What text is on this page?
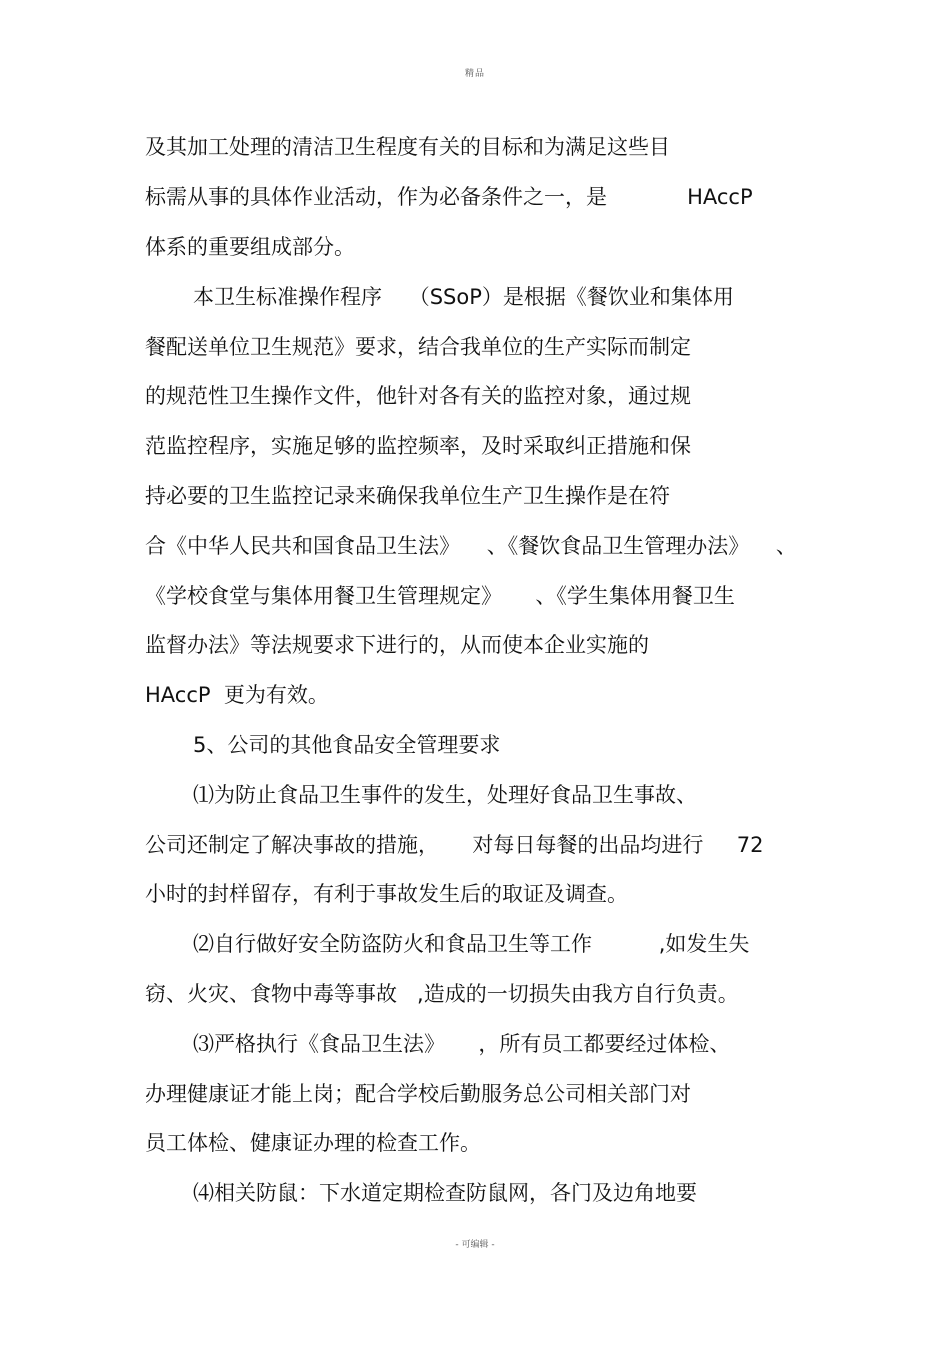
精品
及其加工处理的清洁卫生程度有关的目标和为满足这些目
标需从事的具体作业活动，作为必备条件之一，是            HAccP
体系的重要组成部分。
本卫生标准操作程序    （SSoP）是根据《餐饮业和集体用
餐配送单位卫生规范》要求，结合我单位的生产实际而制定
的规范性卫生操作文件，他针对各有关的监控对象，通过规
范监控程序，实施足够的监控频率，及时采取纠正措施和保
持必要的卫生监控记录来确保我单位生产卫生操作是在符
合《中华人民共和国食品卫生法》    、《餐饮食品卫生管理办法》    、
《学校食堂与集体用餐卫生管理规定》     、《学生集体用餐卫生
监督办法》等法规要求下进行的，从而使本企业实施的
HAccP  更为有效。
5、公司的其他食品安全管理要求
⑴为防止食品卫生事件的发生，处理好食品卫生事故、
公司还制定了解决事故的措施，     对每日每餐的出品均进行     72
小时的封样留存，有利于事故发生后的取证及调查。
⑵自行做好安全防盗防火和食品卫生等工作          ,如发生失
窃、火灾、食物中毒等事故   ,造成的一切损失由我方自行负责。
⑶严格执行《食品卫生法》     ，所有员工都要经过体检、
办理健康证才能上岗；配合学校后勤服务总公司相关部门对
员工体检、健康证办理的检查工作。
⑷相关防鼠：下水道定期检查防鼠网，各门及边角地要
- 可编辑 -
